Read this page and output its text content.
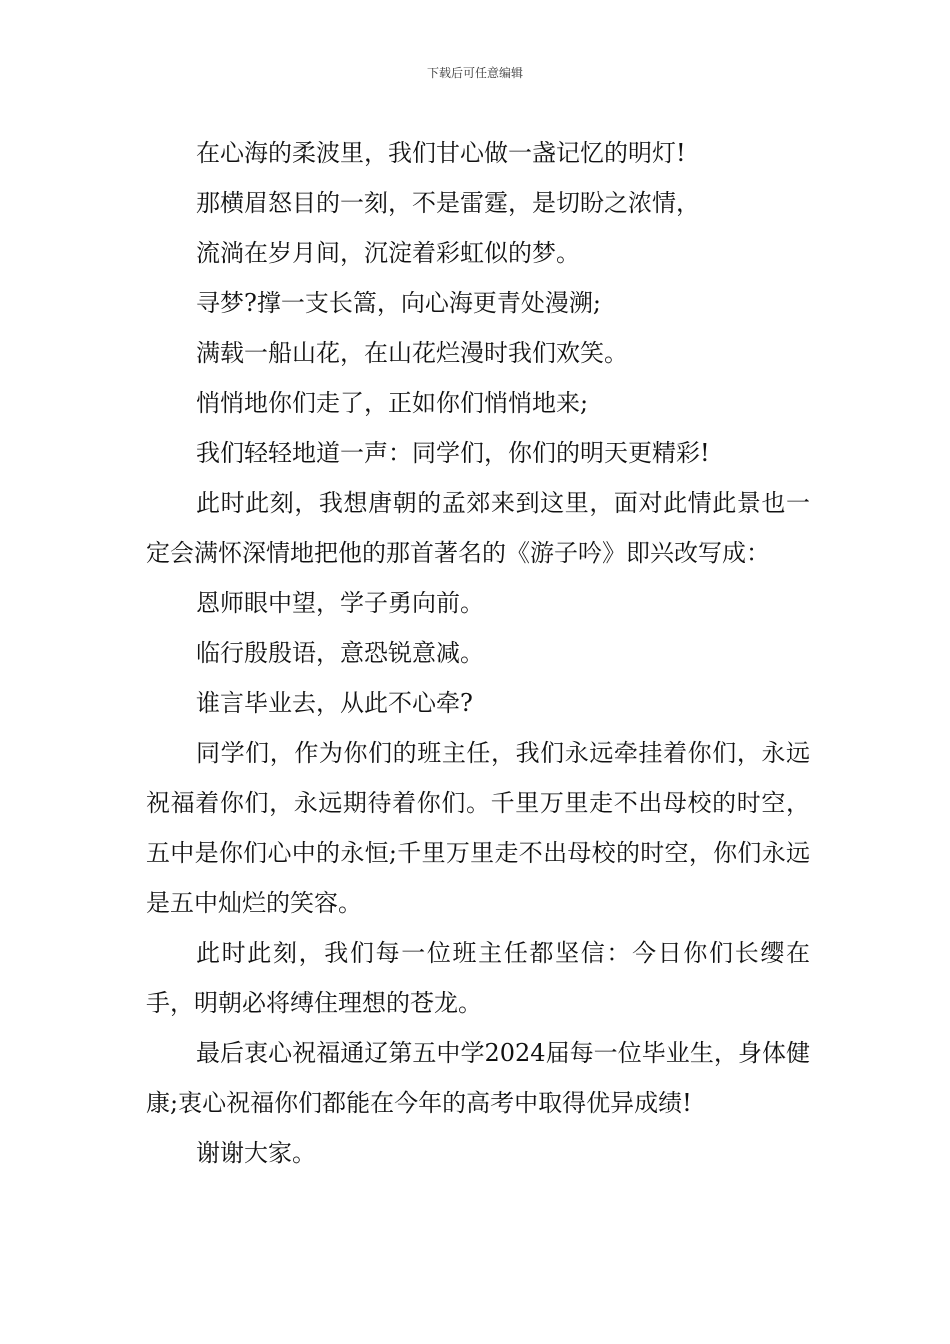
下载后可任意编辑

在心海的柔波里，我们甘心做一盏记忆的明灯!

那横眉怒目的一刻，不是雷霆，是切盼之浓情，

流淌在岁月间，沉淀着彩虹似的梦。

寻梦?撑一支长篙，向心海更青处漫溯;

满载一船山花，在山花烂漫时我们欢笑。

悄悄地你们走了，正如你们悄悄地来;

我们轻轻地道一声：同学们，你们的明天更精彩!

此时此刻，我想唐朝的孟郊来到这里，面对此情此景也一定会满怀深情地把他的那首著名的《游子吟》即兴改写成：

恩师眼中望，学子勇向前。

临行殷殷语，意恐锐意减。

谁言毕业去，从此不心牵?

同学们，作为你们的班主任，我们永远牵挂着你们，永远祝福着你们，永远期待着你们。千里万里走不出母校的时空，五中是你们心中的永恒;千里万里走不出母校的时空，你们永远是五中灿烂的笑容。

此时此刻，我们每一位班主任都坚信：今日你们长缨在手，明朝必将缚住理想的苍龙。

最后衷心祝福通辽第五中学2024届每一位毕业生，身体健康;衷心祝福你们都能在今年的高考中取得优异成绩!

谢谢大家。
